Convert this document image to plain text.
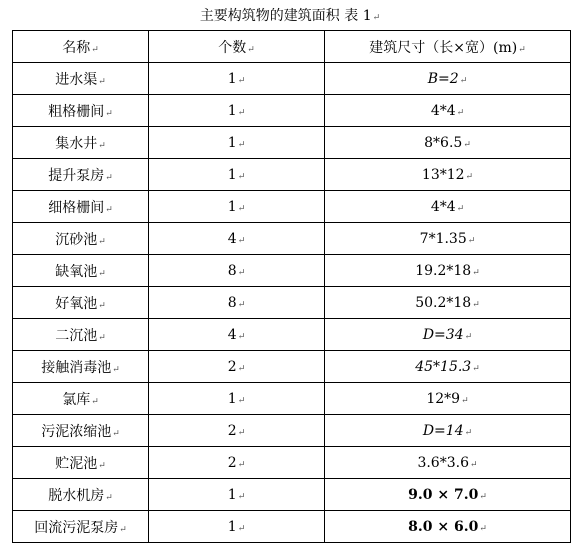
主要构筑物的建筑面积 表 1↵
名称↵	个数↵	建筑尺寸（长×宽）(m)↵
进水渠↵	1↵	B=2↵
粗格栅间↵	1↵	4*4↵
集水井↵	1↵	8*6.5↵
提升泵房↵	1↵	13*12↵
细格栅间↵	1↵	4*4↵
沉砂池↵	4↵	7*1.35↵
缺氧池↵	8↵	19.2*18↵
好氧池↵	8↵	50.2*18↵
二沉池↵	4↵	D=34↵
接触消毒池↵	2↵	45*15.3↵
氯库↵	1↵	12*9↵
污泥浓缩池↵	2↵	D=14↵
贮泥池↵	2↵	3.6*3.6↵
脱水机房↵	1↵	9.0 × 7.0↵
回流污泥泵房↵	1↵	8.0 × 6.0↵
